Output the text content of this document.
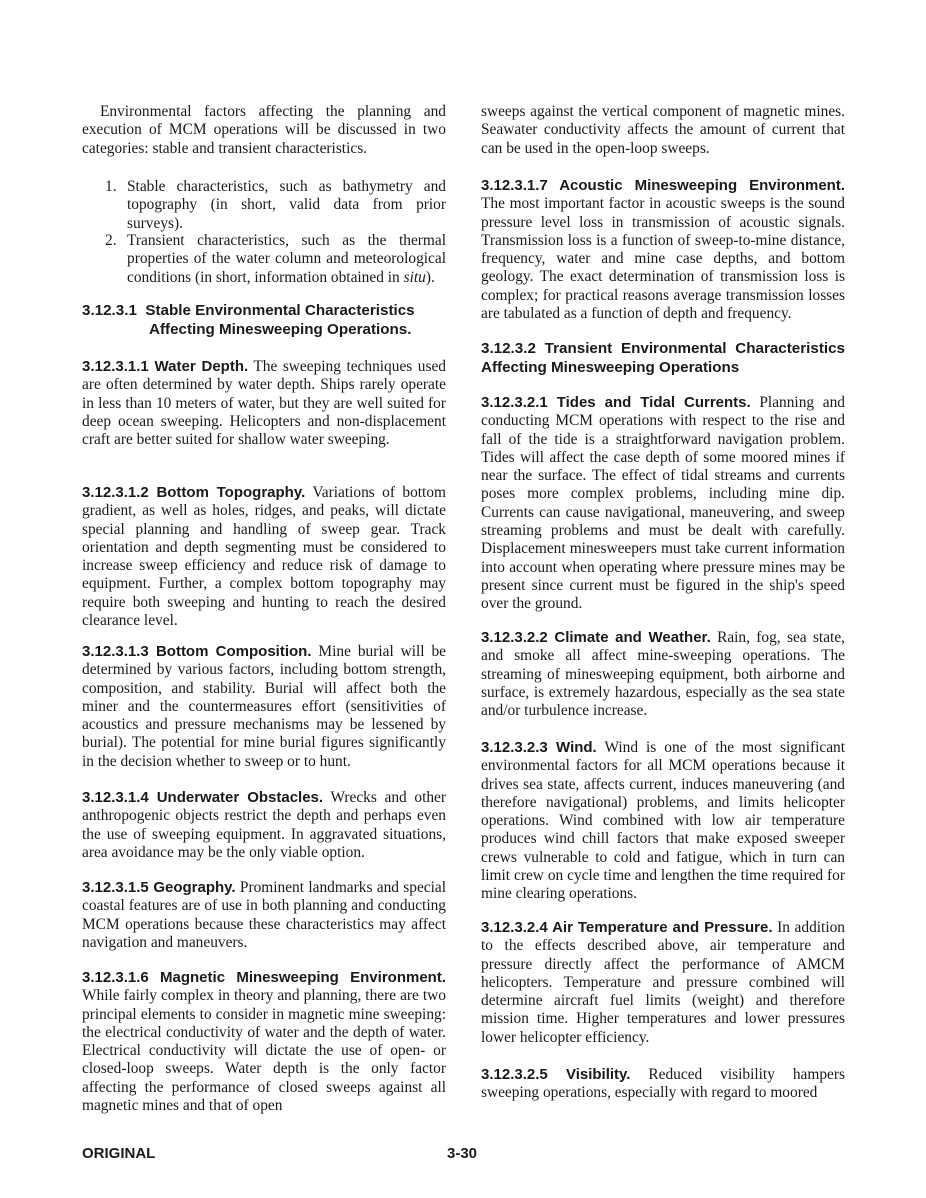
Environmental factors affecting the planning and execution of MCM operations will be discussed in two categories: stable and transient characteristics.
1. Stable characteristics, such as bathymetry and topography (in short, valid data from prior surveys).
2. Transient characteristics, such as the thermal properties of the water column and meteorological conditions (in short, information obtained in situ).
3.12.3.1 Stable Environmental Characteristics
Affecting Minesweeping Operations.
3.12.3.1.1 Water Depth. The sweeping techniques used are often determined by water depth. Ships rarely operate in less than 10 meters of water, but they are well suited for deep ocean sweeping. Helicopters and non-displacement craft are better suited for shallow water sweeping.
3.12.3.1.2 Bottom Topography. Variations of bottom gradient, as well as holes, ridges, and peaks, will dictate special planning and handling of sweep gear. Track orientation and depth segmenting must be considered to increase sweep efficiency and reduce risk of damage to equipment. Further, a complex bottom topography may require both sweeping and hunting to reach the desired clearance level.
3.12.3.1.3 Bottom Composition. Mine burial will be determined by various factors, including bottom strength, composition, and stability. Burial will affect both the miner and the countermeasures effort (sensitivities of acoustics and pressure mechanisms may be lessened by burial). The potential for mine burial figures significantly in the decision whether to sweep or to hunt.
3.12.3.1.4 Underwater Obstacles. Wrecks and other anthropogenic objects restrict the depth and perhaps even the use of sweeping equipment. In aggravated situations, area avoidance may be the only viable option.
3.12.3.1.5 Geography. Prominent landmarks and special coastal features are of use in both planning and conducting MCM operations because these characteristics may affect navigation and maneuvers.
3.12.3.1.6 Magnetic Minesweeping Environment. While fairly complex in theory and planning, there are two principal elements to consider in magnetic mine sweeping: the electrical conductivity of water and the depth of water. Electrical conductivity will dictate the use of open- or closed-loop sweeps. Water depth is the only factor affecting the performance of closed sweeps against all magnetic mines and that of open
sweeps against the vertical component of magnetic mines. Seawater conductivity affects the amount of current that can be used in the open-loop sweeps.
3.12.3.1.7 Acoustic Minesweeping Environment. The most important factor in acoustic sweeps is the sound pressure level loss in transmission of acoustic signals. Transmission loss is a function of sweep-to-mine distance, frequency, water and mine case depths, and bottom geology. The exact determination of transmission loss is complex; for practical reasons average transmission losses are tabulated as a function of depth and frequency.
3.12.3.2 Transient Environmental Characteristics Affecting Minesweeping Operations
3.12.3.2.1 Tides and Tidal Currents. Planning and conducting MCM operations with respect to the rise and fall of the tide is a straightforward navigation problem. Tides will affect the case depth of some moored mines if near the surface. The effect of tidal streams and currents poses more complex problems, including mine dip. Currents can cause navigational, maneuvering, and sweep streaming problems and must be dealt with carefully. Displacement minesweepers must take current information into account when operating where pressure mines may be present since current must be figured in the ship's speed over the ground.
3.12.3.2.2 Climate and Weather. Rain, fog, sea state, and smoke all affect mine-sweeping operations. The streaming of minesweeping equipment, both airborne and surface, is extremely hazardous, especially as the sea state and/or turbulence increase.
3.12.3.2.3 Wind. Wind is one of the most significant environmental factors for all MCM operations because it drives sea state, affects current, induces maneuvering (and therefore navigational) problems, and limits helicopter operations. Wind combined with low air temperature produces wind chill factors that make exposed sweeper crews vulnerable to cold and fatigue, which in turn can limit crew on cycle time and lengthen the time required for mine clearing operations.
3.12.3.2.4 Air Temperature and Pressure. In addition to the effects described above, air temperature and pressure directly affect the performance of AMCM helicopters. Temperature and pressure combined will determine aircraft fuel limits (weight) and therefore mission time. Higher temperatures and lower pressures lower helicopter efficiency.
3.12.3.2.5 Visibility. Reduced visibility hampers sweeping operations, especially with regard to moored
ORIGINAL	3-30
